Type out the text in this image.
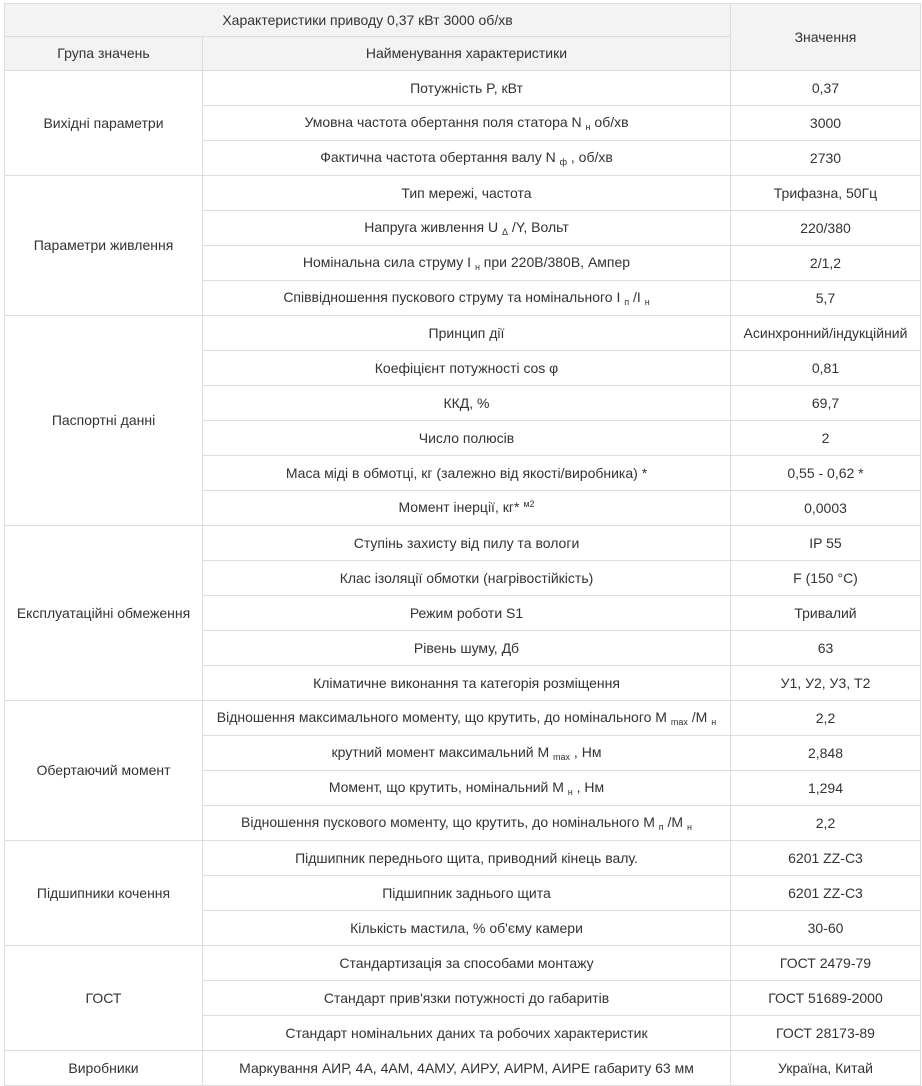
Характеристики приводу 0,37 кВт 3000 об/хв		Значення
Група значень	Найменування характеристики	
Вихідні параметри	Потужність P, кВт	0,37
	Умовна частота обертання поля статора N $_н$ об/хв	3000
	Фактична частота обертання валу N $_ф$ , об/хв	2730
Параметри живлення	Тип мережі, частота	Трифазна, 50Гц
	Напруга живлення U $_\Delta$ /Y, Вольт	220/380
	Номінальна сила струму I $_н$ при 220В/380В, Ампер	2/1,2
	Співвідношення пускового струму та номінального I $_п$ /I $_н$	5,7
Паспортні данні	Принцип дії	Асинхронний/індукційний
	Коефіцієнт потужності cos φ	0,81
	ККД, %	69,7
	Число полюсів	2
	Маса міді в обмотці, кг (залежно від якості/виробника) *	0,55 - 0,62 *
	Момент інерції, кг* $^{м2}$	0,0003
Експлуатаційні обмеження	Ступінь захисту від пилу та вологи	IP 55
	Клас ізоляції обмотки (нагрівостійкість)	F (150 °C)
	Режим роботи S1	Тривалий
	Рівень шуму, Дб	63
	Кліматичне виконання та категорія розміщення	У1, У2, У3, Т2
Обертаючий момент	Відношення максимального моменту, що крутить, до номінального M $_{max}$ /M $_н$	2,2
	крутний момент максимальний M $_{max}$ , Нм	2,848
	Момент, що крутить, номінальний M $_н$ , Нм	1,294
	Відношення пускового моменту, що крутить, до номінального M $_п$ /M $_н$	2,2
Підшипники кочення	Підшипник переднього щита, приводний кінець валу.	6201 ZZ-C3
	Підшипник заднього щита	6201 ZZ-C3
	Кількість мастила, % об'єму камери	30-60
ГОСТ	Стандартизація за способами монтажу	ГОСТ 2479-79
	Стандарт прив'язки потужності до габаритів	ГОСТ 51689-2000
	Стандарт номінальних даних та робочих характеристик	ГОСТ 28173-89
Виробники	Маркування АИР, 4А, 4АМ, 4АМУ, АИРУ, АИРМ, АИРЕ габариту 63 мм	Україна, Китай
